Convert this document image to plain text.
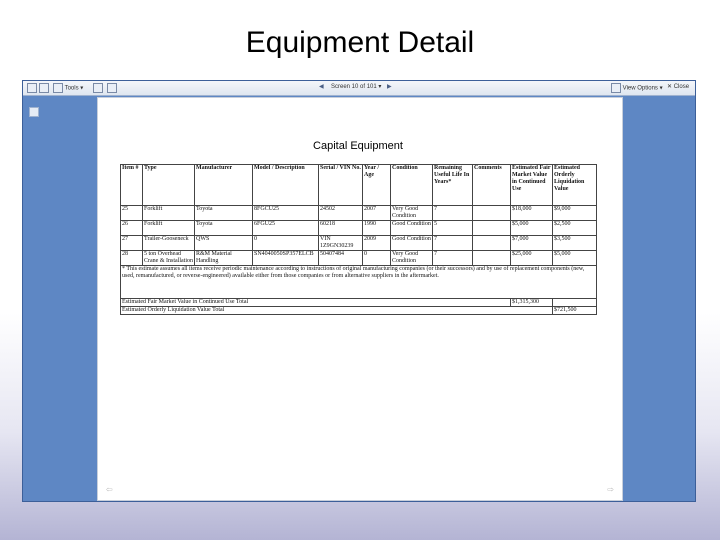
Equipment Detail
Tools ▾	◀ Screen 10 of 101 ▾ ▶	View Options ▾ ✕ Close
Capital Equipment
Item #	Type	Manufacturer	Model / Description	Serial / VIN No.	Year / Age	Condition	Remaining Useful Life In Years*	Comments	Estimated Fair Market Value in Continued Use	Estimated Orderly Liquidation Value
25	Forklift	Toyota	8FGCU25	24502	2007	Very Good Condition	7		$18,000	$9,000
26	Forklift	Toyota	6FGU25	60218	1990	Good Condition	5		$5,000	$2,500
27	Trailer-Gooseneck	QWS	0	VIN 1Z9GN30239	2009	Good Condition	7		$7,000	$3,500
28	5 ton Overhead Crane & Installation	R&M Material Handling	SN4040050SP357ELCB	50407484	0	Very Good Condition	7		$25,000	$5,000
* This estimate assumes all items receive periodic maintenance according to instructions of original manufacturing companies (or their successors) and by use of replacement components (new, used, remanufactured, or reverse-engineered) available either from those companies or from alternative suppliers in the aftermarket.										
Estimated Fair Market Value in Continued Use Total									$1,315,300	
Estimated Orderly Liquidation Value Total										$721,500
⇦	⇨
